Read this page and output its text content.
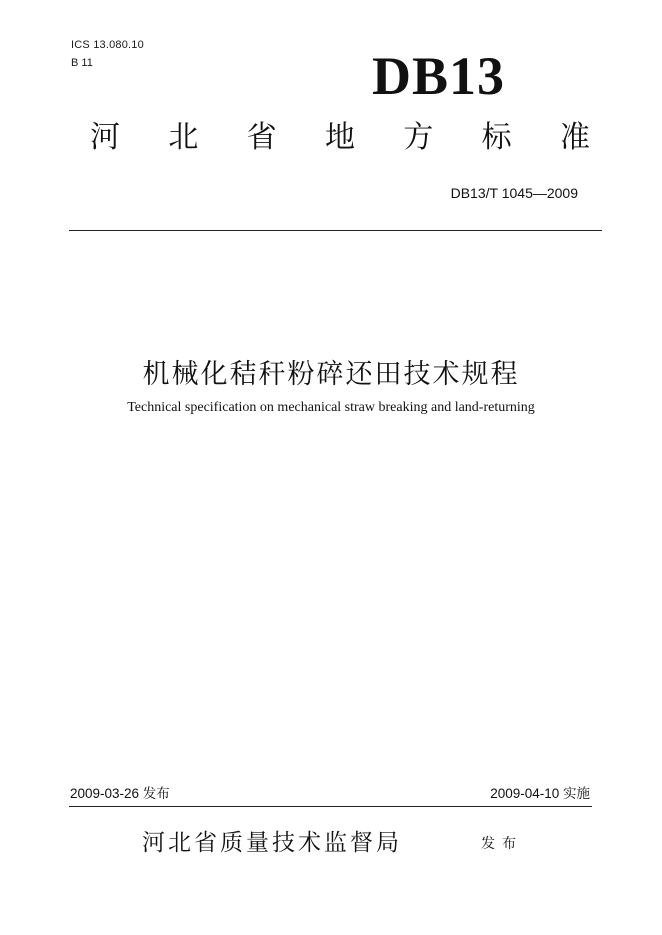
ICS 13.080.10
B 11	DB13
河 北 省 地 方 标 准
DB13/T 1045—2009
机械化秸秆粉碎还田技术规程
Technical specification on mechanical straw breaking and land-returning
2009-03-26 发布	2009-04-10 实施
河北省质量技术监督局	发布
